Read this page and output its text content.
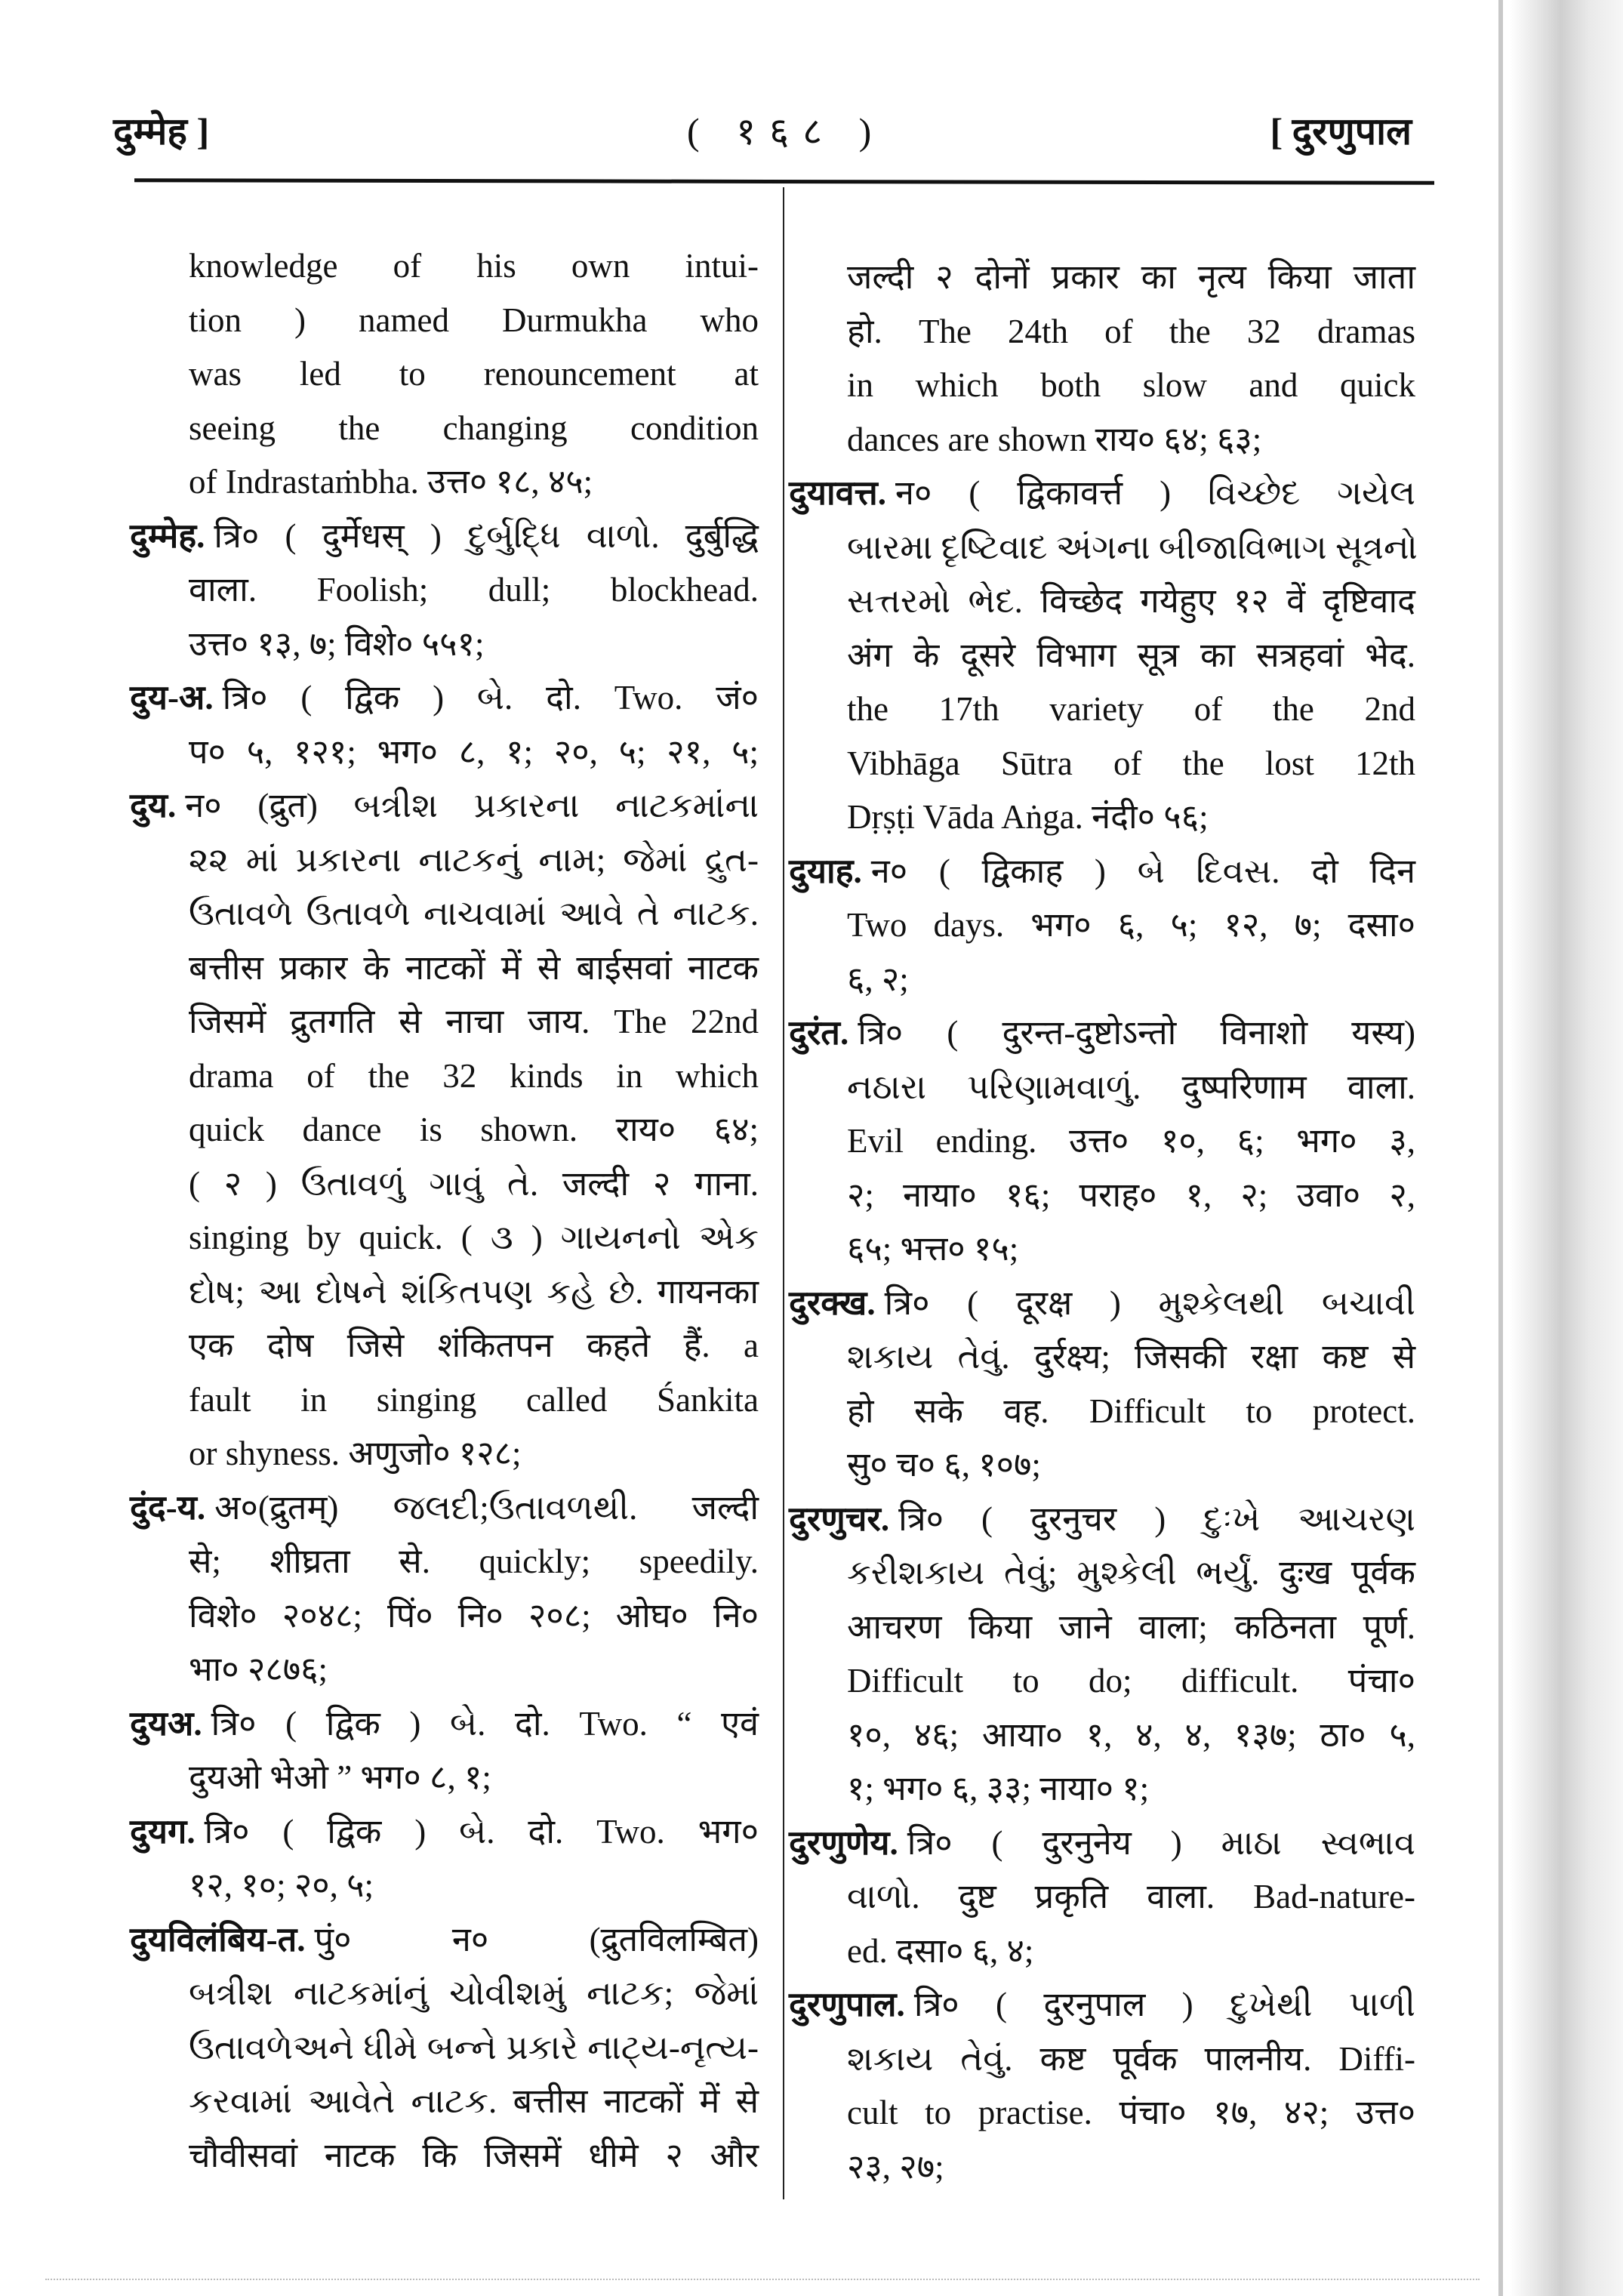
दुम्मेह ]	( १६८ )	[ दुरणुपाल
knowledge of his own intui-
tion ) named Durmukha who
was led to renouncement at
seeing the changing condition
of Indrastaṁbha. उत्त० १८, ४५;
दुम्मेह. त्रि० ( दुर्मेधस् ) દુર્બુદ્ધિ વાળો. दुर्बुद्धि
वाला. Foolish; dull; blockhead.
उत्त० १३, ७; विशे० ५५१;
दुय-अ. त्रि० ( द्विक ) બે. दो. Two. जं०
प० ५, १२१; भग० ८, १; २०, ५; २१, ५;
दुय. न० (द्रुत) બત્રીશ પ્રકારના નાટકમાંના
૨૨ માં પ્રકારના નાટકનું નામ; જેમાં દ્રુત-
ઉતાવળે ઉતાવળે નાચવામાં આવે તે નાટક.
बत्तीस प्रकार के नाटकों में से बाईसवां नाटक
जिसमें द्रुतगति से नाचा जाय. The 22nd
drama of the 32 kinds in which
quick dance is shown. राय० ६४;
( २ ) ઉતાવળું ગાવું તે. जल्दी २ गाना.
singing by quick. ( ૩ ) ગાયનનો એક
દોષ; આ દોષને શંકિતપણ કહે છે. गायनका
एक दोष जिसे शंकितपन कहते हैं. a
fault in singing called Śankita
or shyness. अणुजो० १२८;
दुंद-य. अ०(द्रुतम्) જલદી;ઉતાવળથી. जल्दी
से; शीघ्रता से. quickly; speedily.
विशे० २०४८; पिं० नि० २०८; ओघ० नि०
भा० २८७६;
दुयअ. त्रि० ( द्विक ) બે. दो. Two. “ एवं
दुयओ भेओ ” भग० ८, १;
दुयग. त्रि० ( द्विक ) બે. दो. Two. भग०
१२, १०; २०, ५;
दुयविलंबिय-त. पुं० न० (द्रुतविलम्बित)
બત્રીશ નાટકમાંનું ચોવીશમું નાટક; જેમાં
ઉતાવળેઅને ધીમે બન્ને પ્રકારે નાટ્ય-નૃત્ય-
કરવામાં આવેતે નાટક. बत्तीस नाटकों में से
चौवीसवां नाटक कि जिसमें धीमे २ और
जल्दी २ दोनों प्रकार का नृत्य किया जाता
हो. The 24th of the 32 dramas
in which both slow and quick
dances are shown राय० ६४; ६३;
दुयावत्त. न० ( द्विकावर्त्त ) વિચ્છેદ ગયેલ
બારમા દૃષ્ટિવાદ અંગના બીજાવિભાગ સૂત્રનો
સત્તરમો ભેદ. विच्छेद गयेहुए १२ वें दृष्टिवाद
अंग के दूसरे विभाग सूत्र का सत्रहवां भेद.
the 17th variety of the 2nd
Vibhāga Sūtra of the lost 12th
Dṛṣṭi Vāda Aṅga. नंदी० ५६;
दुयाह. न० ( द्विकाह ) બે દિવસ. दो दिन
Two days. भग० ६, ५; १२, ७; दसा०
६, २;
दुरंत. त्रि० ( दुरन्त-दुष्टोऽन्तो विनाशो यस्य)
નઠારા પરિણામવાળું. दुष्परिणाम वाला.
Evil ending. उत्त० १०, ६; भग० ३,
२; नाया० १६; पराह० १, २; उवा० २,
६५; भत्त० १५;
दुरक्ख. त्रि० ( दूरक्ष ) મુશ્કેલથી બચાવી
શકાય તેવું. दुर्रक्ष्य; जिसकी रक्षा कष्ट से
हो सके वह. Difficult to protect.
सु० च० ६, १०७;
दुरणुचर. त्रि० ( दुरनुचर ) દુઃખે આચરણ
કરીશકાય તેવું; મુશ્કેલી ભર્યું. दुःख पूर्वक
आचरण किया जाने वाला; कठिनता पूर्ण.
Difficult to do; difficult. पंचा०
१०, ४६; आया० १, ४, ४, १३७; ठा० ५,
१; भग० ६, ३३; नाया० १;
दुरणुणेय. त्रि० ( दुरनुनेय ) માઠા સ્વભાવ
વાળો. दुष्ट प्रकृति वाला. Bad-nature-
ed. दसा० ६, ४;
दुरणुपाल. त्रि० ( दुरनुपाल ) દુખેથી પાળી
શકાય તેવું. कष्ट पूर्वक पालनीय. Diffi-
cult to practise. पंचा० १७, ४२; उत्त०
२३, २७;
